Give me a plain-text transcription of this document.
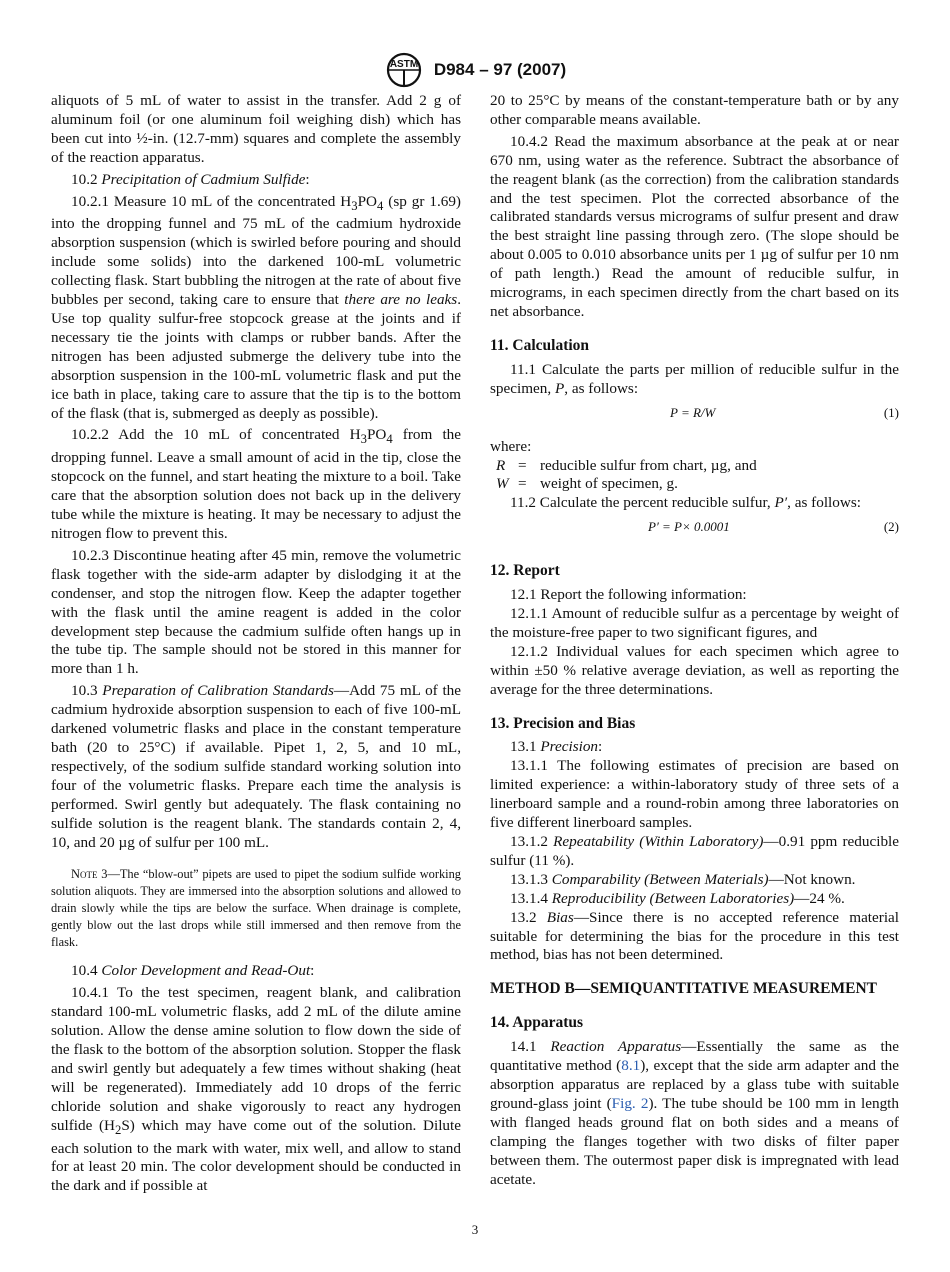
ASTM D984 – 97 (2007)

aliquots of 5 mL of water to assist in the transfer. Add 2 g of aluminum foil (or one aluminum foil weighing dish) which has been cut into ½-in. (12.7-mm) squares and complete the assembly of the reaction apparatus.

10.2 Precipitation of Cadmium Sulfide:

10.2.1 Measure 10 mL of the concentrated $H_3PO_4$ (sp gr 1.69) into the dropping funnel and 75 mL of the cadmium hydroxide absorption suspension (which is swirled before pouring and should include some solids) into the darkened 100-mL volumetric collecting flask. Start bubbling the nitrogen at the rate of about five bubbles per second, taking care to ensure that there are no leaks. Use top quality sulfur-free stopcock grease at the joints and if necessary tie the joints with clamps or rubber bands. After the nitrogen has been adjusted submerge the delivery tube into the absorption suspension in the 100-mL volumetric flask and put the ice bath in place, taking care to assure that the tip is to the bottom of the flask (that is, submerged as deeply as possible).

10.2.2 Add the 10 mL of concentrated $H_3PO_4$ from the dropping funnel. Leave a small amount of acid in the tip, close the stopcock on the funnel, and start heating the mixture to a boil. Take care that the absorption solution does not back up in the delivery tube while the mixture is heating. It may be necessary to adjust the nitrogen flow to prevent this.

10.2.3 Discontinue heating after 45 min, remove the volumetric flask together with the side-arm adapter by dislodging it at the condenser, and stop the nitrogen flow. Keep the adapter together with the flask until the amine reagent is added in the color development step because the cadmium sulfide often hangs up in the tube tip. The sample should not be stored in this manner for more than 1 h.

10.3 Preparation of Calibration Standards—Add 75 mL of the cadmium hydroxide absorption suspension to each of five 100-mL darkened volumetric flasks and place in the constant temperature bath (20 to 25°C) if available. Pipet 1, 2, 5, and 10 mL, respectively, of the sodium sulfide standard working solution into four of the volumetric flasks. Prepare each time the analysis is performed. Swirl gently but adequately. The flask containing no sulfide solution is the reagent blank. The standards contain 2, 4, 10, and 20 µg of sulfur per 100 mL.

Note 3—The “blow-out” pipets are used to pipet the sodium sulfide working solution aliquots. They are immersed into the absorption solutions and allowed to drain slowly while the tips are below the surface. When drainage is complete, gently blow out the last drops while still immersed and then remove from the flask.

10.4 Color Development and Read-Out:

10.4.1 To the test specimen, reagent blank, and calibration standard 100-mL volumetric flasks, add 2 mL of the dilute amine solution. Allow the dense amine solution to flow down the side of the flask to the bottom of the absorption solution. Stopper the flask and swirl gently but adequately a few times without shaking (heat will be regenerated). Immediately add 10 drops of the ferric chloride solution and shake vigorously to react any hydrogen sulfide $(H_2S)$ which may have come out of the solution. Dilute each solution to the mark with water, mix well, and allow to stand for at least 20 min. The color development should be conducted in the dark and if possible at

20 to 25°C by means of the constant-temperature bath or by any other comparable means available.

10.4.2 Read the maximum absorbance at the peak at or near 670 nm, using water as the reference. Subtract the absorbance of the reagent blank (as the correction) from the calibration standards and the test specimen. Plot the corrected absorbance of the calibrated standards versus micrograms of sulfur present and draw the best straight line passing through zero. (The slope should be about 0.005 to 0.010 absorbance units per 1 µg of sulfur per 10 nm of path length.) Read the amount of reducible sulfur, in micrograms, in each specimen directly from the chart based on its net absorbance.

11. Calculation

11.1 Calculate the parts per million of reducible sulfur in the specimen, P, as follows:

P = R/W	(1)

where:

R = reducible sulfur from chart, µg, and
W = weight of specimen, g.

11.2 Calculate the percent reducible sulfur, P′, as follows:

P′ = P× 0.0001	(2)
12. Report

12.1 Report the following information:

12.1.1 Amount of reducible sulfur as a percentage by weight of the moisture-free paper to two significant figures, and

12.1.2 Individual values for each specimen which agree to within ±50 % relative average deviation, as well as reporting the average for the three determinations.

13. Precision and Bias

13.1 Precision:

13.1.1 The following estimates of precision are based on limited experience: a within-laboratory study of three sets of a linerboard sample and a round-robin among three laboratories on five different linerboard samples.

13.1.2 Repeatability (Within Laboratory)—0.91 ppm reducible sulfur (11 %).

13.1.3 Comparability (Between Materials)—Not known.

13.1.4 Reproducibility (Between Laboratories)—24 %.

13.2 Bias—Since there is no accepted reference material suitable for determining the bias for the procedure in this test method, bias has not been determined.

METHOD B—SEMIQUANTITATIVE MEASUREMENT
14. Apparatus

14.1 Reaction Apparatus—Essentially the same as the quantitative method (8.1), except that the side arm adapter and the absorption apparatus are replaced by a glass tube with suitable ground-glass joint (Fig. 2). The tube should be 100 mm in length with flanged heads ground flat on both sides and a means of clamping the flanges together with two disks of filter paper between them. The outermost paper disk is impregnated with lead acetate.

3
